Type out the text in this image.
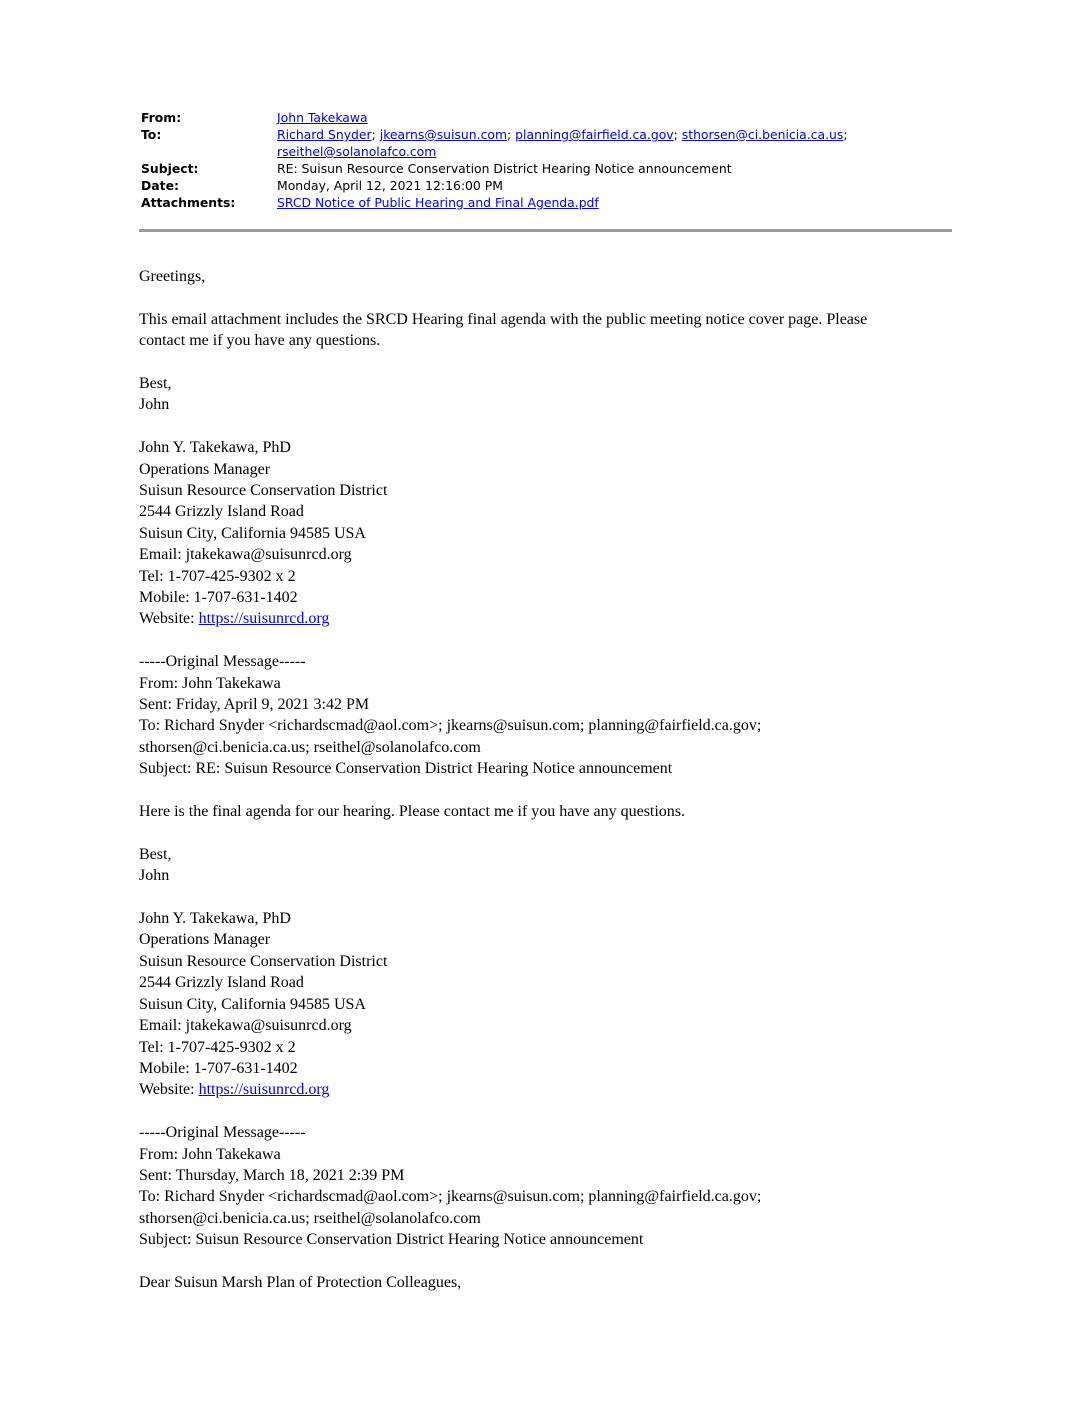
From:	John Takekawa
To:	Richard Snyder; jkearns@suisun.com; planning@fairfield.ca.gov; sthorsen@ci.benicia.ca.us;
rseithel@solanolafco.com
Subject:	RE: Suisun Resource Conservation District Hearing Notice announcement
Date:	Monday, April 12, 2021 12:16:00 PM
Attachments:	SRCD Notice of Public Hearing and Final Agenda.pdf

Greetings,

This email attachment includes the SRCD Hearing final agenda with the public meeting notice cover page. Please
contact me if you have any questions.

Best,
John

John Y. Takekawa, PhD
Operations Manager
Suisun Resource Conservation District
2544 Grizzly Island Road
Suisun City, California 94585 USA
Email: jtakekawa@suisunrcd.org
Tel: 1-707-425-9302 x 2
Mobile: 1-707-631-1402
Website: https://suisunrcd.org

-----Original Message-----
From: John Takekawa
Sent: Friday, April 9, 2021 3:42 PM
To: Richard Snyder <richardscmad@aol.com>; jkearns@suisun.com; planning@fairfield.ca.gov;
sthorsen@ci.benicia.ca.us; rseithel@solanolafco.com
Subject: RE: Suisun Resource Conservation District Hearing Notice announcement

Here is the final agenda for our hearing. Please contact me if you have any questions.

Best,
John

John Y. Takekawa, PhD
Operations Manager
Suisun Resource Conservation District
2544 Grizzly Island Road
Suisun City, California 94585 USA
Email: jtakekawa@suisunrcd.org
Tel: 1-707-425-9302 x 2
Mobile: 1-707-631-1402
Website: https://suisunrcd.org

-----Original Message-----
From: John Takekawa
Sent: Thursday, March 18, 2021 2:39 PM
To: Richard Snyder <richardscmad@aol.com>; jkearns@suisun.com; planning@fairfield.ca.gov;
sthorsen@ci.benicia.ca.us; rseithel@solanolafco.com
Subject: Suisun Resource Conservation District Hearing Notice announcement

Dear Suisun Marsh Plan of Protection Colleagues,
